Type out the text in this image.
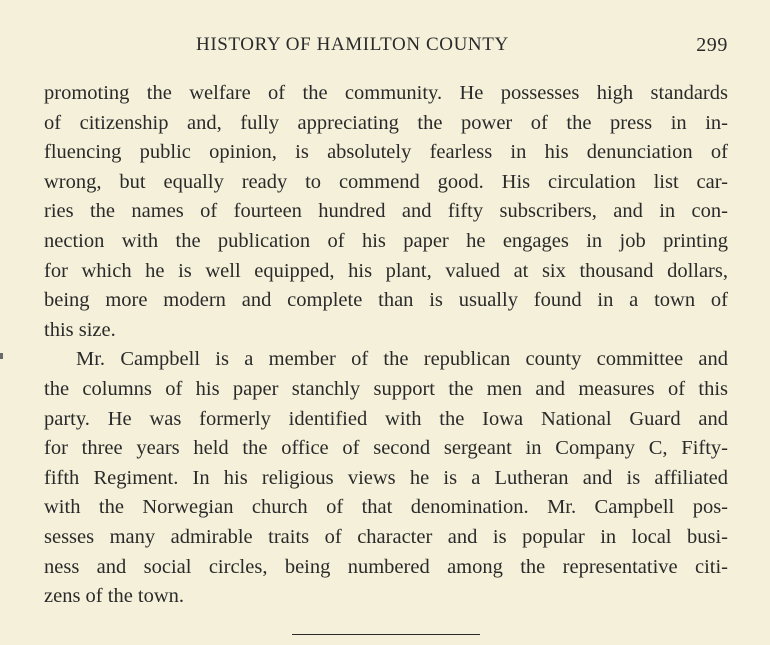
HISTORY OF HAMILTON COUNTY	299
promoting the welfare of the community. He possesses high standards
of citizenship and, fully appreciating the power of the press in in-
fluencing public opinion, is absolutely fearless in his denunciation of
wrong, but equally ready to commend good. His circulation list car-
ries the names of fourteen hundred and fifty subscribers, and in con-
nection with the publication of his paper he engages in job printing
for which he is well equipped, his plant, valued at six thousand dollars,
being more modern and complete than is usually found in a town of
this size.
Mr. Campbell is a member of the republican county committee and
the columns of his paper stanchly support the men and measures of this
party. He was formerly identified with the Iowa National Guard and
for three years held the office of second sergeant in Company C, Fifty-
fifth Regiment. In his religious views he is a Lutheran and is affiliated
with the Norwegian church of that denomination. Mr. Campbell pos-
sesses many admirable traits of character and is popular in local busi-
ness and social circles, being numbered among the representative citi-
zens of the town.
